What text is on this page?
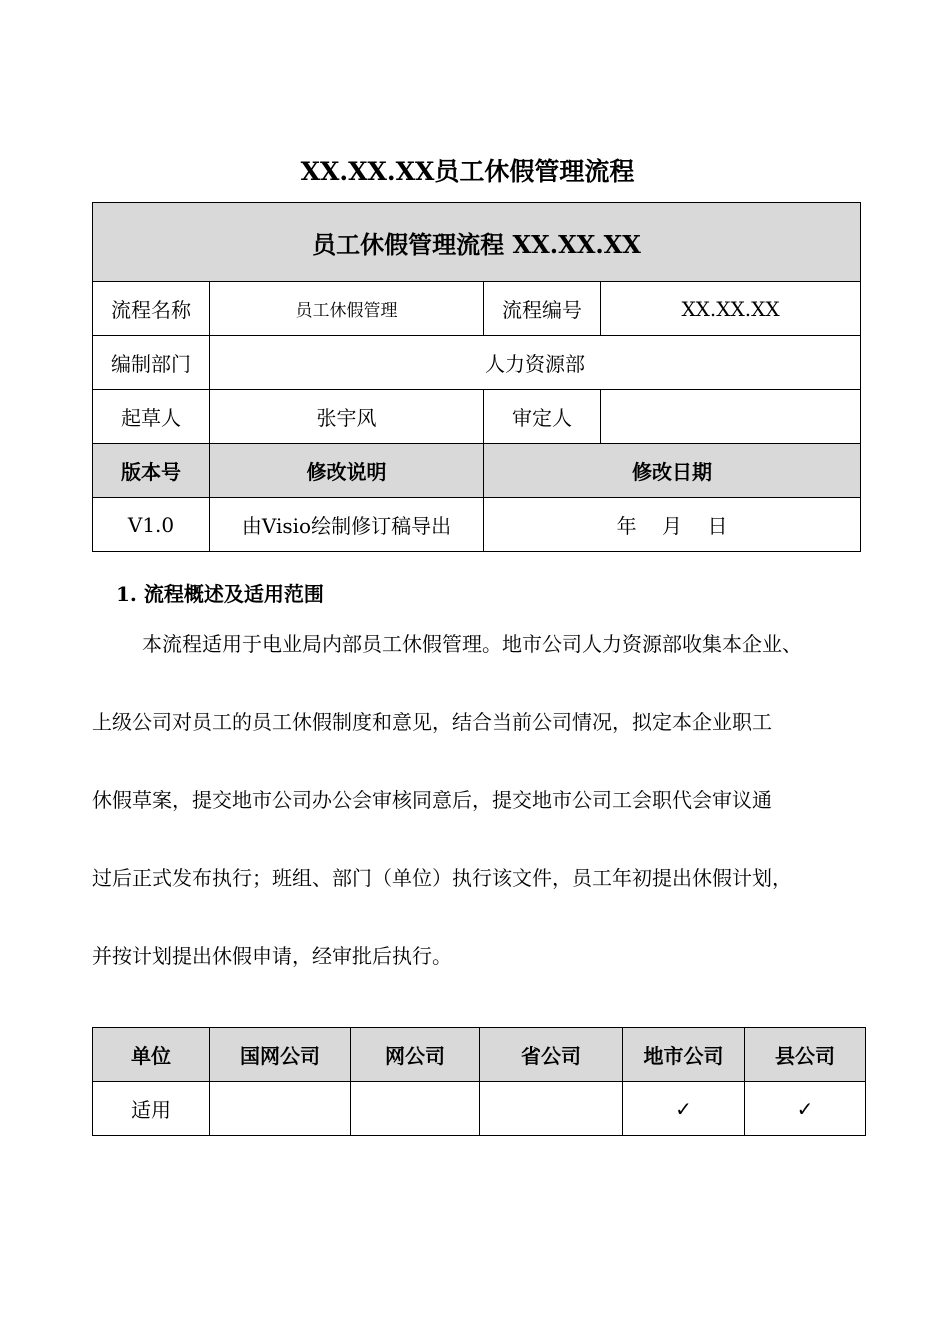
XX.XX.XX员工休假管理流程
员工休假管理流程 XX.XX.XX			
流程名称	员工休假管理	流程编号	XX.XX.XX
编制部门	人力资源部		
起草人	张宇风	审定人	
版本号	修改说明	修改日期	
V1.0	由Visio绘制修订稿导出	年    月    日	
1. 流程概述及适用范围
本流程适用于电业局内部员工休假管理。地市公司人力资源部收集本企业、
上级公司对员工的员工休假制度和意见，结合当前公司情况，拟定本企业职工
休假草案，提交地市公司办公会审核同意后，提交地市公司工会职代会审议通
过后正式发布执行；班组、部门（单位）执行该文件，员工年初提出休假计划，
并按计划提出休假申请，经审批后执行。
单位	国网公司	网公司	省公司	地市公司	县公司
适用				✓	✓
